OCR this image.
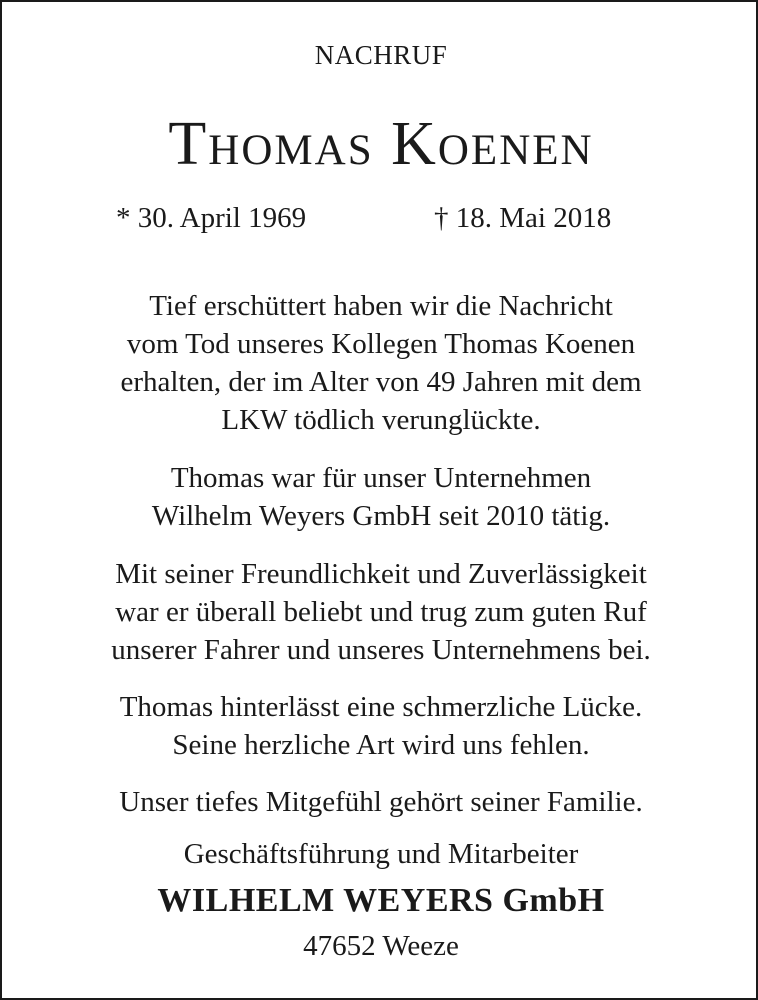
NACHRUF
Thomas Koenen
* 30. April 1969	† 18. Mai 2018
Tief erschüttert haben wir die Nachricht
vom Tod unseres Kollegen Thomas Koenen
erhalten, der im Alter von 49 Jahren mit dem
LKW tödlich verunglückte.
Thomas war für unser Unternehmen
Wilhelm Weyers GmbH seit 2010 tätig.
Mit seiner Freundlichkeit und Zuverlässigkeit
war er überall beliebt und trug zum guten Ruf
unserer Fahrer und unseres Unternehmens bei.
Thomas hinterlässt eine schmerzliche Lücke.
Seine herzliche Art wird uns fehlen.
Unser tiefes Mitgefühl gehört seiner Familie.
Geschäftsführung und Mitarbeiter
WILHELM WEYERS GmbH
47652 Weeze
